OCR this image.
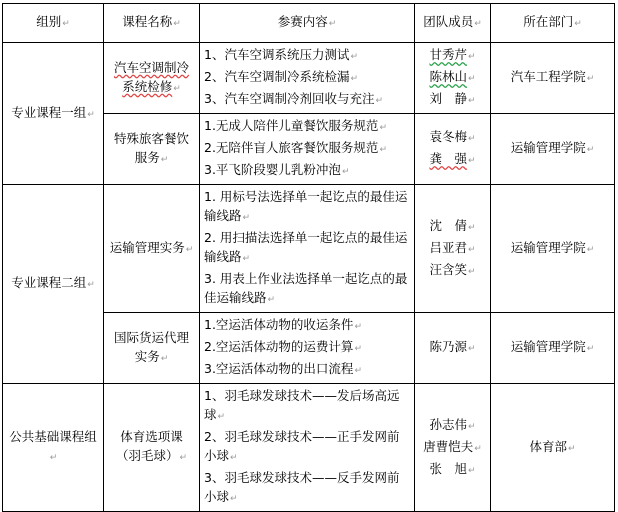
组别↵	课程名称↵	参赛内容↵	团队成员↵	所在部门↵
专业课程一组↵	汽车空调制冷系统检修↵	1、汽车空调系统压力测试↵
2、汽车空调制冷系统检漏↵
3、汽车空调制冷剂回收与充注↵	甘秀芹↵
陈林山↵
刘　静↵	汽车工程学院↵
	特殊旅客餐饮服务↵	1.无成人陪伴儿童餐饮服务规范↵
2.无陪伴盲人旅客餐饮服务规范↵
3.平飞阶段婴儿乳粉冲泡↵	袁冬梅↵
龚　强↵	运输管理学院↵
专业课程二组↵	运输管理实务↵	1. 用标号法选择单一起讫点的最佳运输线路↵
2. 用扫描法选择单一起讫点的最佳运输线路↵
3. 用表上作业法选择单一起讫点的最佳运输线路↵	沈　倩↵
吕亚君↵
汪含笑↵	运输管理学院↵
	国际货运代理实务↵	1.空运活体动物的收运条件↵
2.空运活体动物的运费计算↵
3.空运活体动物的出口流程↵	陈乃源↵	运输管理学院↵
公共基础课程组↵	体育选项课（羽毛球）↵	1、羽毛球发球技术——发后场高远球↵
2、羽毛球发球技术——正手发网前小球↵
3、羽毛球发球技术——反手发网前小球↵	孙志伟↵
唐曹恺夫↵
张　旭↵	体育部↵
